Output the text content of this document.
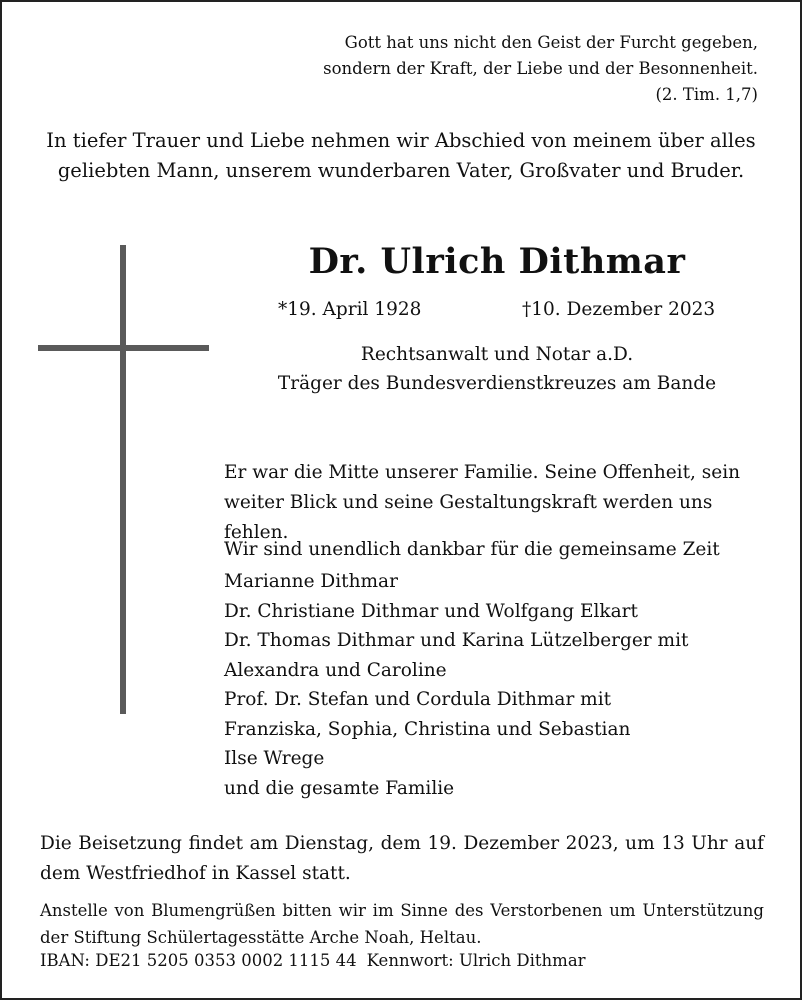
Gott hat uns nicht den Geist der Furcht gegeben,
sondern der Kraft, der Liebe und der Besonnenheit.
(2. Tim. 1,7)
In tiefer Trauer und Liebe nehmen wir Abschied von meinem über alles
geliebten Mann, unserem wunderbaren Vater, Großvater und Bruder.
Dr. Ulrich Dithmar
*19. April 1928	†10. Dezember 2023
Rechtsanwalt und Notar a.D.
Träger des Bundesverdienstkreuzes am Bande
Er war die Mitte unserer Familie. Seine Offenheit, sein
weiter Blick und seine Gestaltungskraft werden uns fehlen.
Wir sind unendlich dankbar für die gemeinsame Zeit
Marianne Dithmar
Dr. Christiane Dithmar und Wolfgang Elkart
Dr. Thomas Dithmar und Karina Lützelberger mit
Alexandra und Caroline
Prof. Dr. Stefan und Cordula Dithmar mit
Franziska, Sophia, Christina und Sebastian
Ilse Wrege
und die gesamte Familie
Die Beisetzung findet am Dienstag, dem 19. Dezember 2023, um 13 Uhr auf dem Westfriedhof in Kassel statt.
Anstelle von Blumengrüßen bitten wir im Sinne des Verstorbenen um Unterstützung der Stiftung Schülertagesstätte Arche Noah, Heltau.
IBAN: DE21 5205 0353 0002 1115 44 Kennwort: Ulrich Dithmar
